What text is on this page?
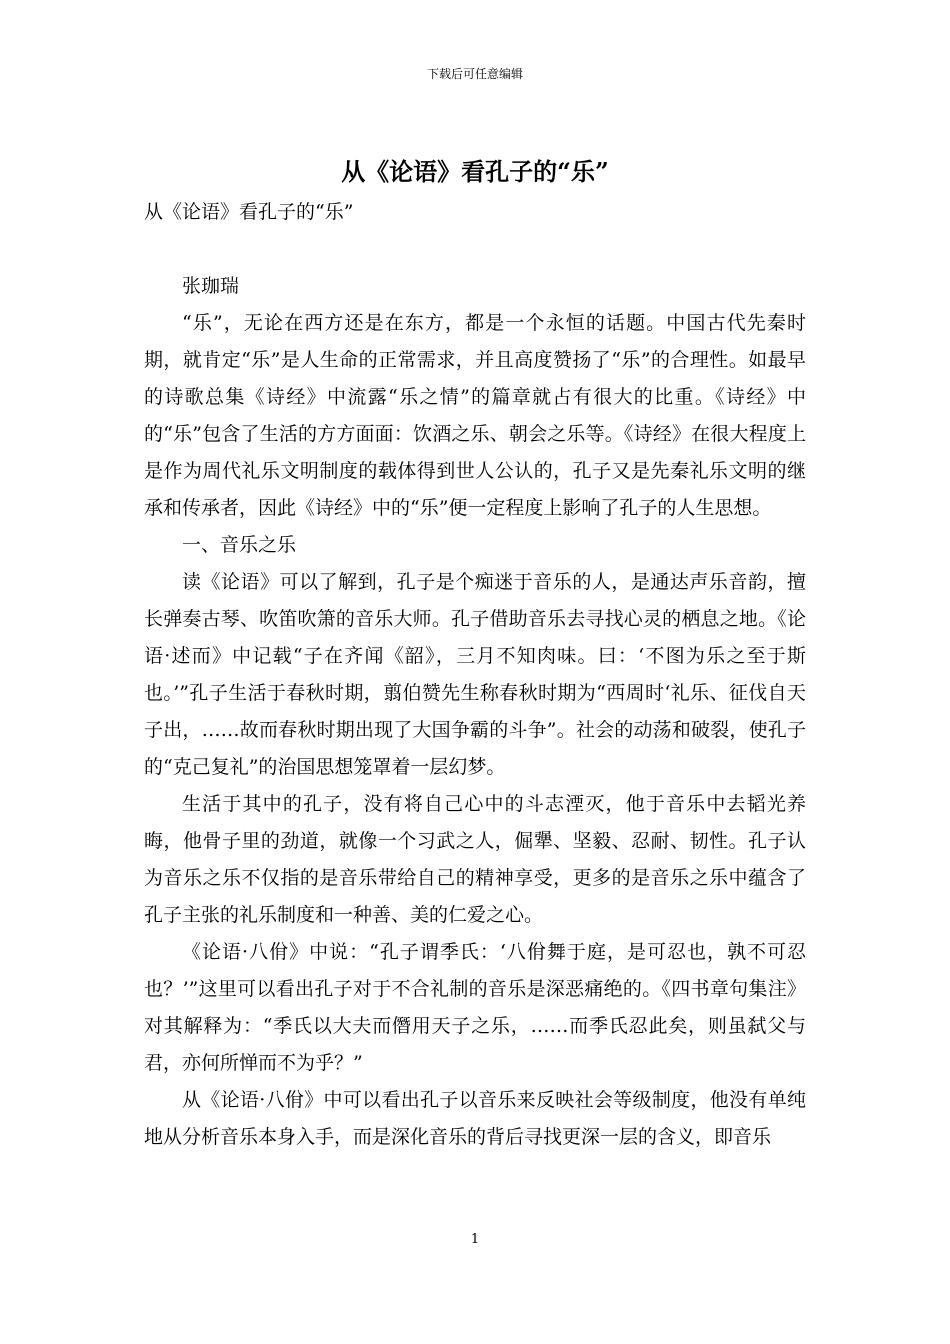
下载后可任意编辑
从《论语》看孔子的“乐”

从《论语》看孔子的“乐”

张珈瑞

“乐”，无论在西方还是在东方，都是一个永恒的话题。中国古代先秦时期，就肯定“乐”是人生命的正常需求，并且高度赞扬了“乐”的合理性。如最早的诗歌总集《诗经》中流露“乐之情”的篇章就占有很大的比重。《诗经》中的“乐”包含了生活的方方面面：饮酒之乐、朝会之乐等。《诗经》在很大程度上是作为周代礼乐文明制度的载体得到世人公认的，孔子又是先秦礼乐文明的继承和传承者，因此《诗经》中的“乐”便一定程度上影响了孔子的人生思想。

一、音乐之乐

读《论语》可以了解到，孔子是个痴迷于音乐的人，是通达声乐音韵，擅长弹奏古琴、吹笛吹箫的音乐大师。孔子借助音乐去寻找心灵的栖息之地。《论语·述而》中记载“子在齐闻《韶》，三月不知肉味。曰：‘不图为乐之至于斯也。’”孔子生活于春秋时期，翦伯赞先生称春秋时期为“西周时‘礼乐、征伐自天子出，……故而春秋时期出现了大国争霸的斗争”。社会的动荡和破裂，使孔子的“克己复礼”的治国思想笼罩着一层幻梦。

生活于其中的孔子，没有将自己心中的斗志湮灭，他于音乐中去韬光养晦，他骨子里的劲道，就像一个习武之人，倔犟、坚毅、忍耐、韧性。孔子认为音乐之乐不仅指的是音乐带给自己的精神享受，更多的是音乐之乐中蕴含了孔子主张的礼乐制度和一种善、美的仁爱之心。

《论语·八佾》中说：“孔子谓季氏：‘八佾舞于庭，是可忍也，孰不可忍也？’”这里可以看出孔子对于不合礼制的音乐是深恶痛绝的。《四书章句集注》对其解释为：“季氏以大夫而僭用天子之乐，……而季氏忍此矣，则虽弑父与君，亦何所惮而不为乎？”

从《论语·八佾》中可以看出孔子以音乐来反映社会等级制度，他没有单纯地从分析音乐本身入手，而是深化音乐的背后寻找更深一层的含义，即音乐

1
